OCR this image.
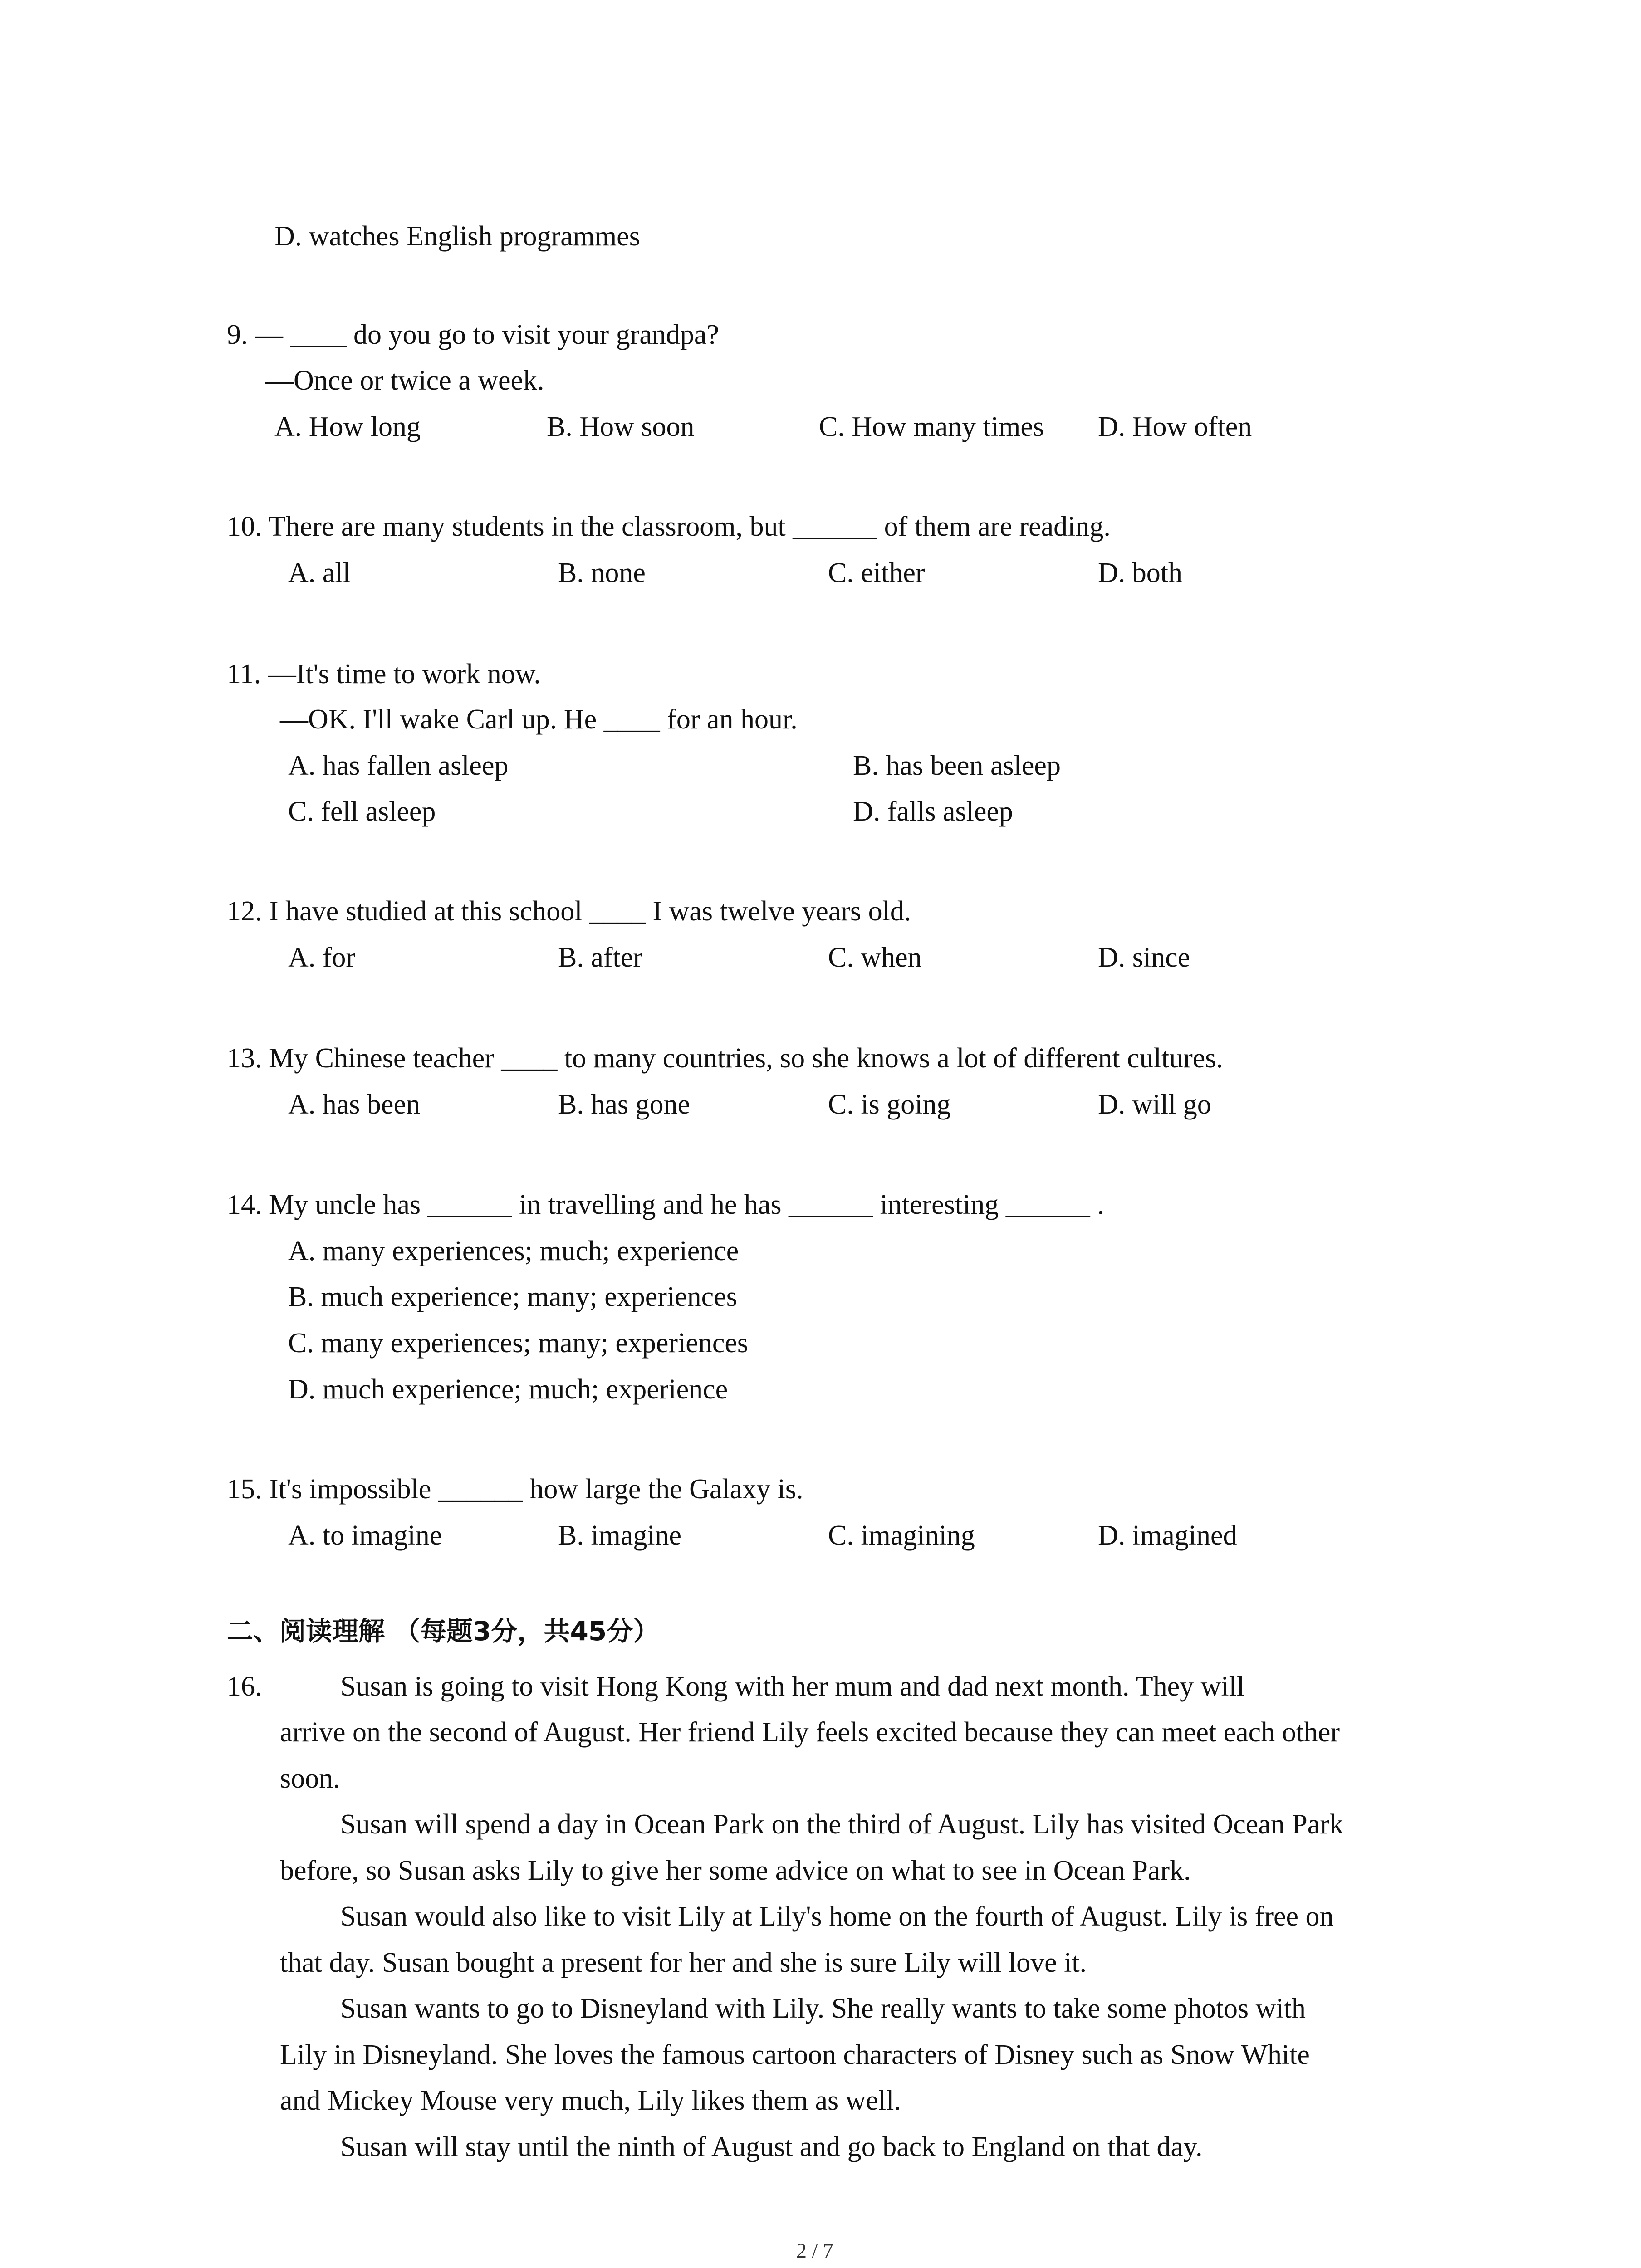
D. watches English programmes
9. — ____ do you go to visit your grandpa?
—Once or twice a week.
A. How long	B. How soon	C. How many times D. How often
10. There are many students in the classroom, but ______ of them are reading.
A. all	B. none	C. either	D. both
11. —It's time to work now.
—OK. I'll wake Carl up. He ____ for an hour.
A. has fallen asleep	B. has been asleep
C. fell asleep	D. falls asleep
12. I have studied at this school ____ I was twelve years old.
A. for	B. after	C. when	D. since
13. My Chinese teacher ____ to many countries, so she knows a lot of different cultures.
A. has been	B. has gone	C. is going	D. will go
14. My uncle has ______ in travelling and he has ______ interesting ______ .
A. many experiences; much; experience
B. much experience; many; experiences
C. many experiences; many; experiences
D. much experience; much; experience
15. It's impossible ______ how large the Galaxy is.
A. to imagine	B. imagine	C. imagining	D. imagined
二、阅读理解 （每题3分，共45分）
16.	Susan is going to visit Hong Kong with her mum and dad next month. They will
arrive on the second of August. Her friend Lily feels excited because they can meet each other
soon.
Susan will spend a day in Ocean Park on the third of August. Lily has visited Ocean Park
before, so Susan asks Lily to give her some advice on what to see in Ocean Park.
Susan would also like to visit Lily at Lily's home on the fourth of August. Lily is free on
that day. Susan bought a present for her and she is sure Lily will love it.
Susan wants to go to Disneyland with Lily. She really wants to take some photos with
Lily in Disneyland. She loves the famous cartoon characters of Disney such as Snow White
and Mickey Mouse very much, Lily likes them as well.
Susan will stay until the ninth of August and go back to England on that day.
2 / 7
